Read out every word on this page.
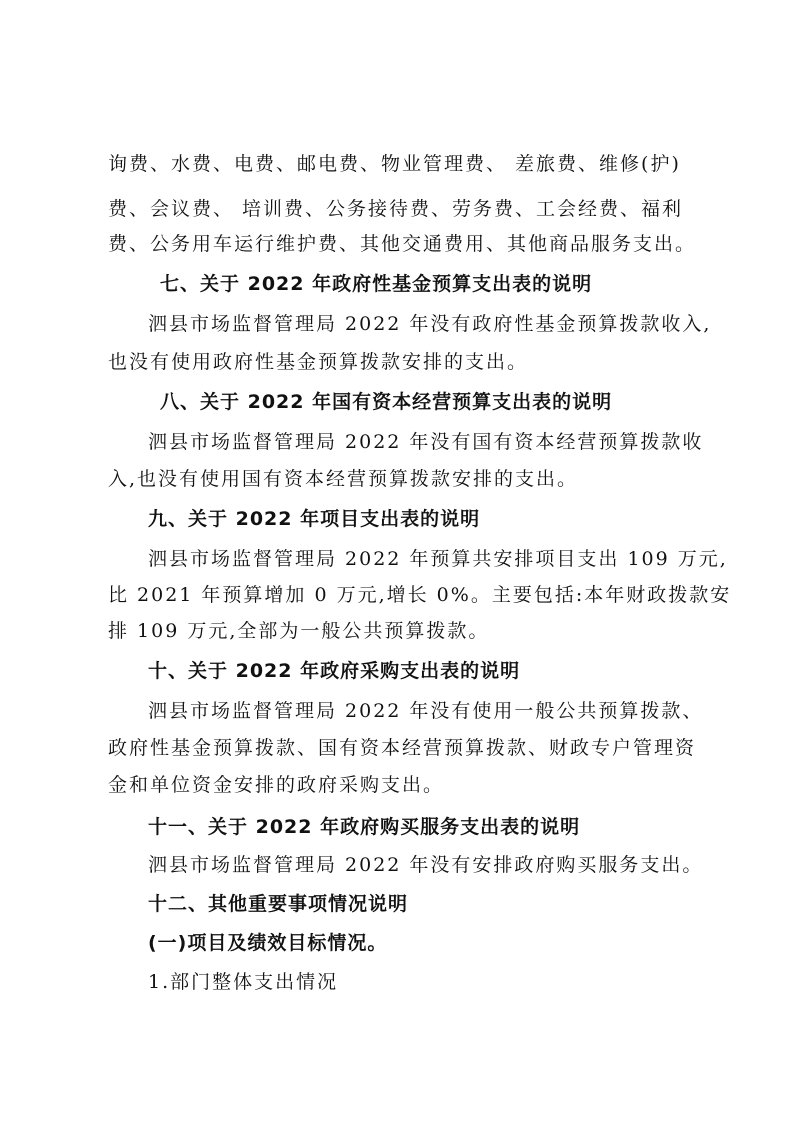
询费、水费、电费、邮电费、物业管理费、 差旅费、维修(护)
费、会议费、 培训费、公务接待费、劳务费、工会经费、福利
费、公务用车运行维护费、其他交通费用、其他商品服务支出。
七、关于 2022 年政府性基金预算支出表的说明
泗县市场监督管理局 2022 年没有政府性基金预算拨款收入,
也没有使用政府性基金预算拨款安排的支出。
八、关于 2022 年国有资本经营预算支出表的说明
泗县市场监督管理局 2022 年没有国有资本经营预算拨款收
入,也没有使用国有资本经营预算拨款安排的支出。
九、关于 2022 年项目支出表的说明
泗县市场监督管理局 2022 年预算共安排项目支出 109 万元,
比 2021 年预算增加 0 万元,增长 0%。主要包括:本年财政拨款安
排 109 万元,全部为一般公共预算拨款。
十、关于 2022 年政府采购支出表的说明
泗县市场监督管理局 2022 年没有使用一般公共预算拨款、
政府性基金预算拨款、国有资本经营预算拨款、财政专户管理资
金和单位资金安排的政府采购支出。
十一、关于 2022 年政府购买服务支出表的说明
泗县市场监督管理局 2022 年没有安排政府购买服务支出。
十二、其他重要事项情况说明
(一)项目及绩效目标情况。
1.部门整体支出情况
